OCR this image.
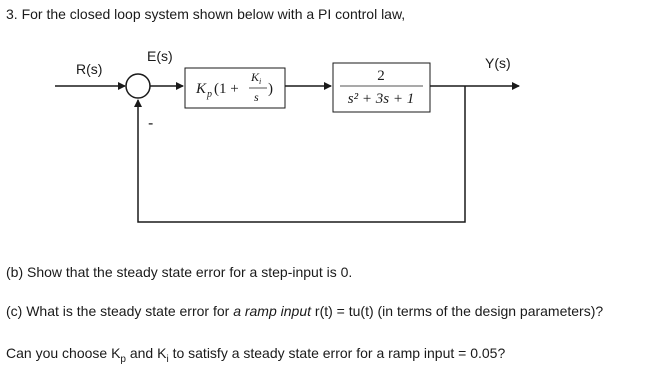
3. For the closed loop system shown below with a PI control law,
R(s)
E(s)	Y(s)
-
K p (1 +
K i
s )
2
s² + 3s + 1
(b) Show that the steady state error for a step-input is 0.
(c) What is the steady state error for a ramp input r(t) = tu(t) (in terms of the design parameters)?
Can you choose $K_p$ and $K_i$ to satisfy a steady state error for a ramp input = 0.05?
